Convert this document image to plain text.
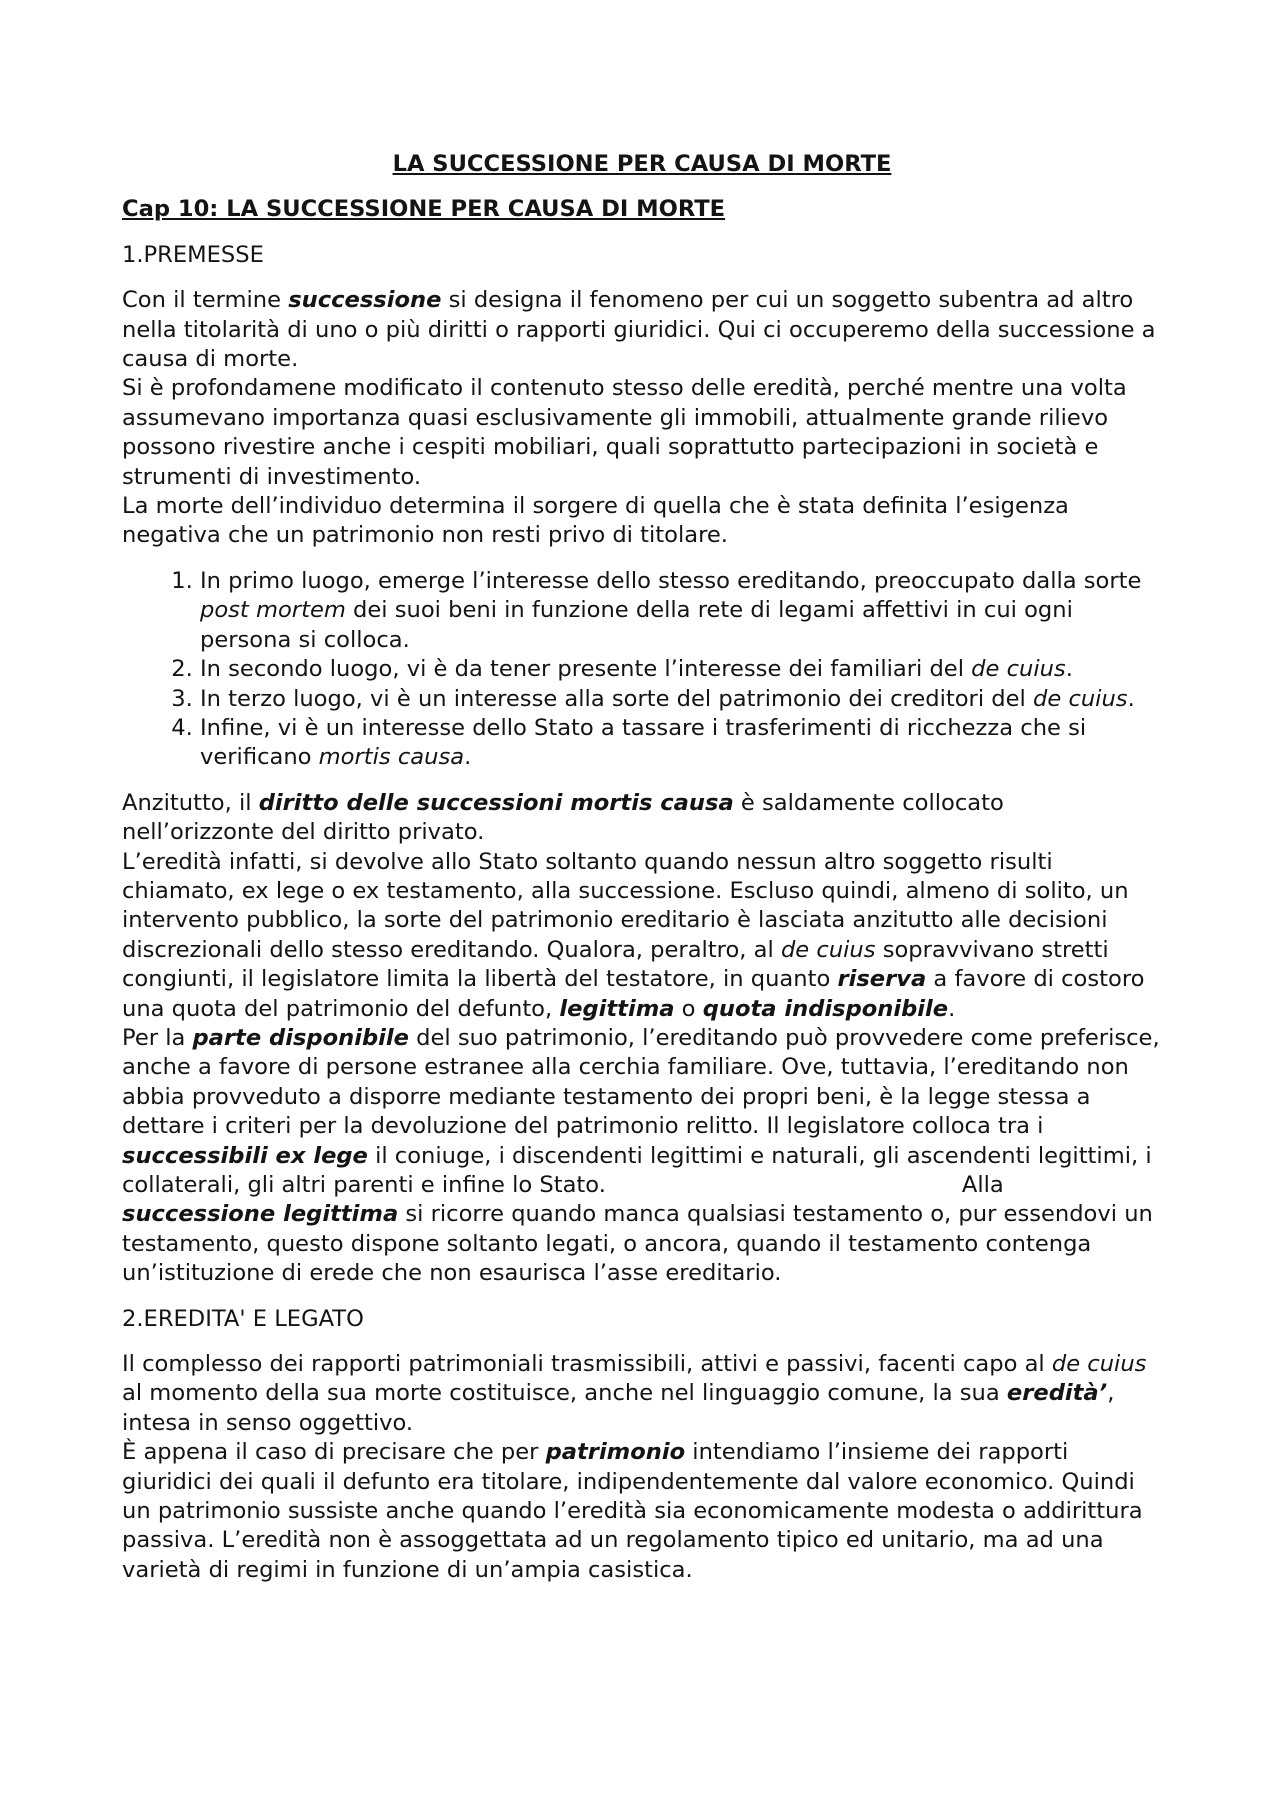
LA SUCCESSIONE PER CAUSA DI MORTE
Cap 10: LA SUCCESSIONE PER CAUSA DI MORTE
1.PREMESSE

Con il termine successione si designa il fenomeno per cui un soggetto subentra ad altro nella titolarità di uno o più diritti o rapporti giuridici. Qui ci occuperemo della successione a causa di morte.
Si è profondamene modificato il contenuto stesso delle eredità, perché mentre una volta assumevano importanza quasi esclusivamente gli immobili, attualmente grande rilievo possono rivestire anche i cespiti mobiliari, quali soprattutto partecipazioni in società e strumenti di investimento.
La morte dell’individuo determina il sorgere di quella che è stata definita l’esigenza negativa che un patrimonio non resti privo di titolare.

1. In primo luogo, emerge l’interesse dello stesso ereditando, preoccupato dalla sorte post mortem dei suoi beni in funzione della rete di legami affettivi in cui ogni persona si colloca.
2. In secondo luogo, vi è da tener presente l’interesse dei familiari del de cuius.
3. In terzo luogo, vi è un interesse alla sorte del patrimonio dei creditori del de cuius.
4. Infine, vi è un interesse dello Stato a tassare i trasferimenti di ricchezza che si verificano mortis causa.

Anzitutto, il diritto delle successioni mortis causa è saldamente collocato nell’orizzonte del diritto privato.
L’eredità infatti, si devolve allo Stato soltanto quando nessun altro soggetto risulti chiamato, ex lege o ex testamento, alla successione. Escluso quindi, almeno di solito, un intervento pubblico, la sorte del patrimonio ereditario è lasciata anzitutto alle decisioni discrezionali dello stesso ereditando. Qualora, peraltro, al de cuius sopravvivano stretti congiunti, il legislatore limita la libertà del testatore, in quanto riserva a favore di costoro una quota del patrimonio del defunto, legittima o quota indisponibile.Per la parte disponibile del suo patrimonio, l’ereditando può provvedere come preferisce, anche a favore di persone estranee alla cerchia familiare. Ove, tuttavia, l’ereditando non abbia provveduto a disporre mediante testamento dei propri beni, è la legge stessa a dettare i criteri per la devoluzione del patrimonio relitto. Il legislatore colloca tra i successibili ex lege il coniuge, i discendenti legittimi e naturali, gli ascendenti legittimi, i collaterali, gli altri parenti e infine lo Stato.	Alla successione legittima si ricorre quando manca qualsiasi testamento o, pur essendovi un testamento, questo dispone soltanto legati, o ancora, quando il testamento contenga un’istituzione di erede che non esaurisca l’asse ereditario.

2.EREDITA' E LEGATO

Il complesso dei rapporti patrimoniali trasmissibili, attivi e passivi, facenti capo al de cuius al momento della sua morte costituisce, anche nel linguaggio comune, la sua eredità’, intesa in senso oggettivo.
È appena il caso di precisare che per patrimonio intendiamo l’insieme dei rapporti giuridici dei quali il defunto era titolare, indipendentemente dal valore economico. Quindi un patrimonio sussiste anche quando l’eredità sia economicamente modesta o addirittura passiva. L’eredità non è assoggettata ad un regolamento tipico ed unitario, ma ad una varietà di regimi in funzione di un’ampia casistica.
